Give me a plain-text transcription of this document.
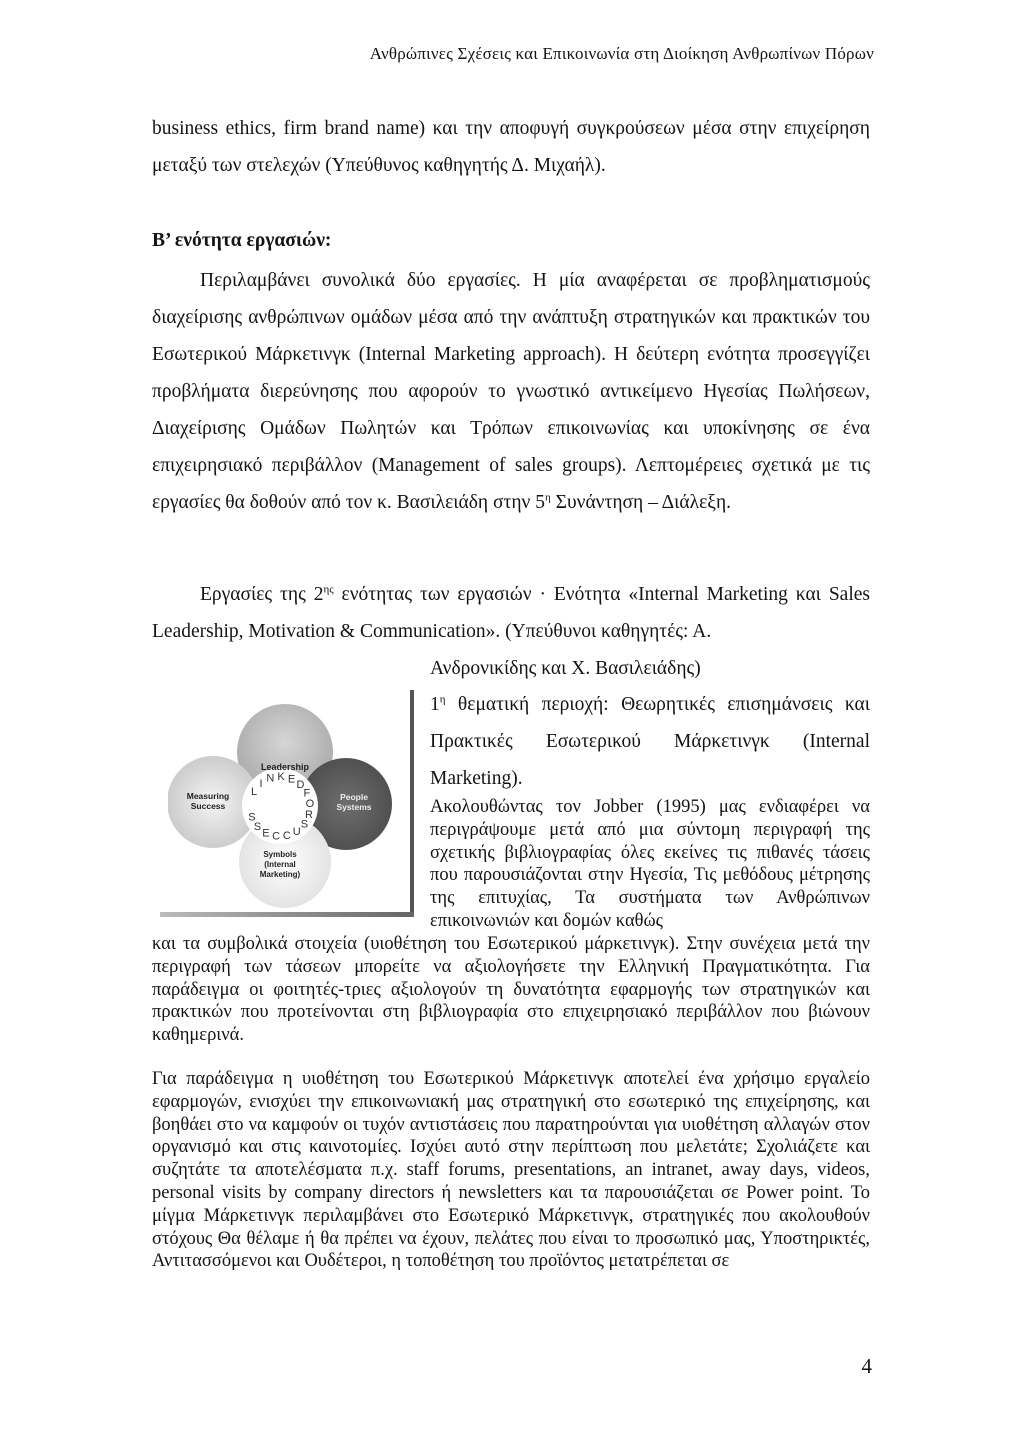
Ανθρώπινες Σχέσεις και Επικοινωνία στη Διοίκηση Ανθρωπίνων Πόρων
business ethics, firm brand name) και την αποφυγή συγκρούσεων μέσα στην επιχείρηση μεταξύ των στελεχών (Υπεύθυνος καθηγητής Δ. Μιχαήλ).
Β’ ενότητα εργασιών:
Περιλαμβάνει συνολικά δύο εργασίες. Η μία αναφέρεται σε προβληματισμούς διαχείρισης ανθρώπινων ομάδων μέσα από την ανάπτυξη στρατηγικών και πρακτικών του Εσωτερικού Μάρκετινγκ (Internal Marketing approach). Η δεύτερη ενότητα προσεγγίζει προβλήματα διερεύνησης που αφορούν το γνωστικό αντικείμενο Ηγεσίας Πωλήσεων, Διαχείρισης Ομάδων Πωλητών και Τρόπων επικοινωνίας και υποκίνησης σε ένα επιχειρησιακό περιβάλλον (Management of sales groups). Λεπτομέρειες σχετικά με τις εργασίες θα δοθούν από τον κ. Βασιλειάδη στην $5^\eta$ Συνάντηση – Διάλεξη.
Εργασίες της $2^{\eta\varsigma}$ ενότητας των εργασιών · Ενότητα «Internal Marketing και Sales Leadership, Motivation & Communication». (Υπεύθυνοι καθηγητές: Α.
Ανδρονικίδης και Χ. Βασιλειάδης)
$1^\eta$ θεματική περιοχή: Θεωρητικές επισημάνσεις και Πρακτικές Εσωτερικού Μάρκετινγκ (Internal Marketing).
Ακολουθώντας τον Jobber (1995) μας ενδιαφέρει να περιγράψουμε μετά από μια σύντομη περιγραφή της σχετικής βιβλιογραφίας όλες εκείνες τις πιθανές τάσεις που παρουσιάζονται στην Ηγεσία, Τις μεθόδους μέτρησης της επιτυχίας, Τα συστήματα των Ανθρώπινων επικοινωνιών και δομών καθώς
και τα συμβολικά στοιχεία (υιοθέτηση του Εσωτερικού μάρκετινγκ). Στην συνέχεια μετά την περιγραφή των τάσεων μπορείτε να αξιολογήσετε την Ελληνική Πραγματικότητα. Για παράδειγμα οι φοιτητές-τριες αξιολογούν τη δυνατότητα εφαρμογής των στρατηγικών και πρακτικών που προτείνονται στη βιβλιογραφία στο επιχειρησιακό περιβάλλον που βιώνουν καθημερινά.
Για παράδειγμα η υιοθέτηση του Εσωτερικού Μάρκετινγκ αποτελεί ένα χρήσιμο εργαλείο εφαρμογών, ενισχύει την επικοινωνιακή μας στρατηγική στο εσωτερικό της επιχείρησης, και βοηθάει στο να καμφούν οι τυχόν αντιστάσεις που παρατηρούνται για υιοθέτηση αλλαγών στον οργανισμό και στις καινοτομίες. Ισχύει αυτό στην περίπτωση που μελετάτε; Σχολιάζετε και συζητάτε τα αποτελέσματα π.χ. staff forums, presentations, an intranet, away days, videos, personal visits by company directors ή newsletters και τα παρουσιάζεται σε Power point. Το μίγμα Μάρκετινγκ περιλαμβάνει στο Εσωτερικό Μάρκετινγκ, στρατηγικές που ακολουθούν στόχους Θα θέλαμε ή θα πρέπει να έχουν, πελάτες που είναι το προσωπικό μας, Υποστηρικτές, Αντιτασσόμενοι και Ουδέτεροι, η τοποθέτηση του προϊόντος μετατρέπεται σε
Leadership
Measuring
Success
People
Systems
Symbols
(Internal
Marketing)
L
I N K E D
F
O
R
S
U
C
C
E
S
S
4
